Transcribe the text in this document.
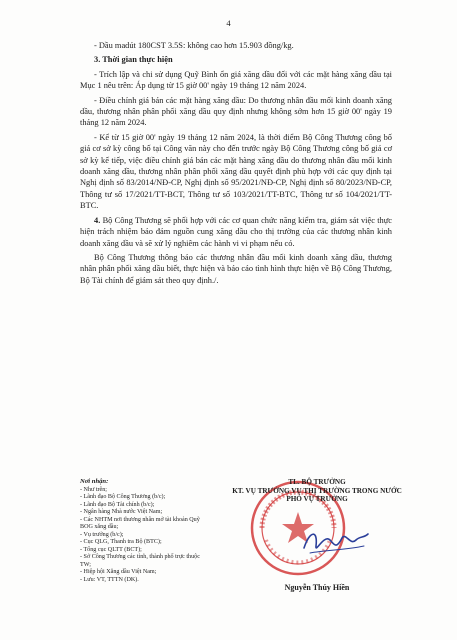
4

- Dầu madút 180CST 3.5S: không cao hơn 15.903 đồng/kg.

3. Thời gian thực hiện

- Trích lập và chi sử dụng Quỹ Bình ổn giá xăng dầu đối với các mặt hàng xăng dầu tại Mục 1 nêu trên: Áp dụng từ 15 giờ 00' ngày 19 tháng 12 năm 2024.

- Điều chỉnh giá bán các mặt hàng xăng dầu: Do thương nhân đầu mối kinh doanh xăng dầu, thương nhân phân phối xăng dầu quy định nhưng không sớm hơn 15 giờ 00' ngày 19 tháng 12 năm 2024.

- Kể từ 15 giờ 00' ngày 19 tháng 12 năm 2024, là thời điểm Bộ Công Thương công bố giá cơ sở kỳ công bố tại Công văn này cho đến trước ngày Bộ Công Thương công bố giá cơ sở kỳ kế tiếp, việc điều chỉnh giá bán các mặt hàng xăng dầu do thương nhân đầu mối kinh doanh xăng dầu, thương nhân phân phối xăng dầu quyết định phù hợp với các quy định tại Nghị định số 83/2014/NĐ-CP, Nghị định số 95/2021/NĐ-CP, Nghị định số 80/2023/NĐ-CP, Thông tư số 17/2021/TT-BCT, Thông tư số 103/2021/TT-BTC, Thông tư số 104/2021/TT-BTC.

4. Bộ Công Thương sẽ phối hợp với các cơ quan chức năng kiểm tra, giám sát việc thực hiện trách nhiệm bảo đảm nguồn cung xăng dầu cho thị trường của các thương nhân kinh doanh xăng dầu và sẽ xử lý nghiêm các hành vi vi phạm nếu có.

Bộ Công Thương thông báo các thương nhân đầu mối kinh doanh xăng dầu, thương nhân phân phối xăng dầu biết, thực hiện và báo cáo tình hình thực hiện về Bộ Công Thương, Bộ Tài chính để giám sát theo quy định./.

Nơi nhận:
- Như trên;
- Lãnh đạo Bộ Công Thương (b/c);
- Lãnh đạo Bộ Tài chính (b/c);
- Ngân hàng Nhà nước Việt Nam;
- Các NHTM nơi thương nhân mở tài khoản Quỹ BOG xăng dầu;
- Vụ trưởng (b/c);
- Cục QLG, Thanh tra Bộ (BTC);
- Tổng cục QLTT (BCT);
- Sở Công Thương các tỉnh, thành phố trực thuộc TW;
- Hiệp hội Xăng dầu Việt Nam;
- Lưu: VT, TTTN (DK).
TL. BỘ TRƯỞNG
KT. VỤ TRƯỞNG VỤ THỊ TRƯỜNG TRONG NƯỚC
PHÓ VỤ TRƯỞNG
Nguyễn Thúy Hiền
